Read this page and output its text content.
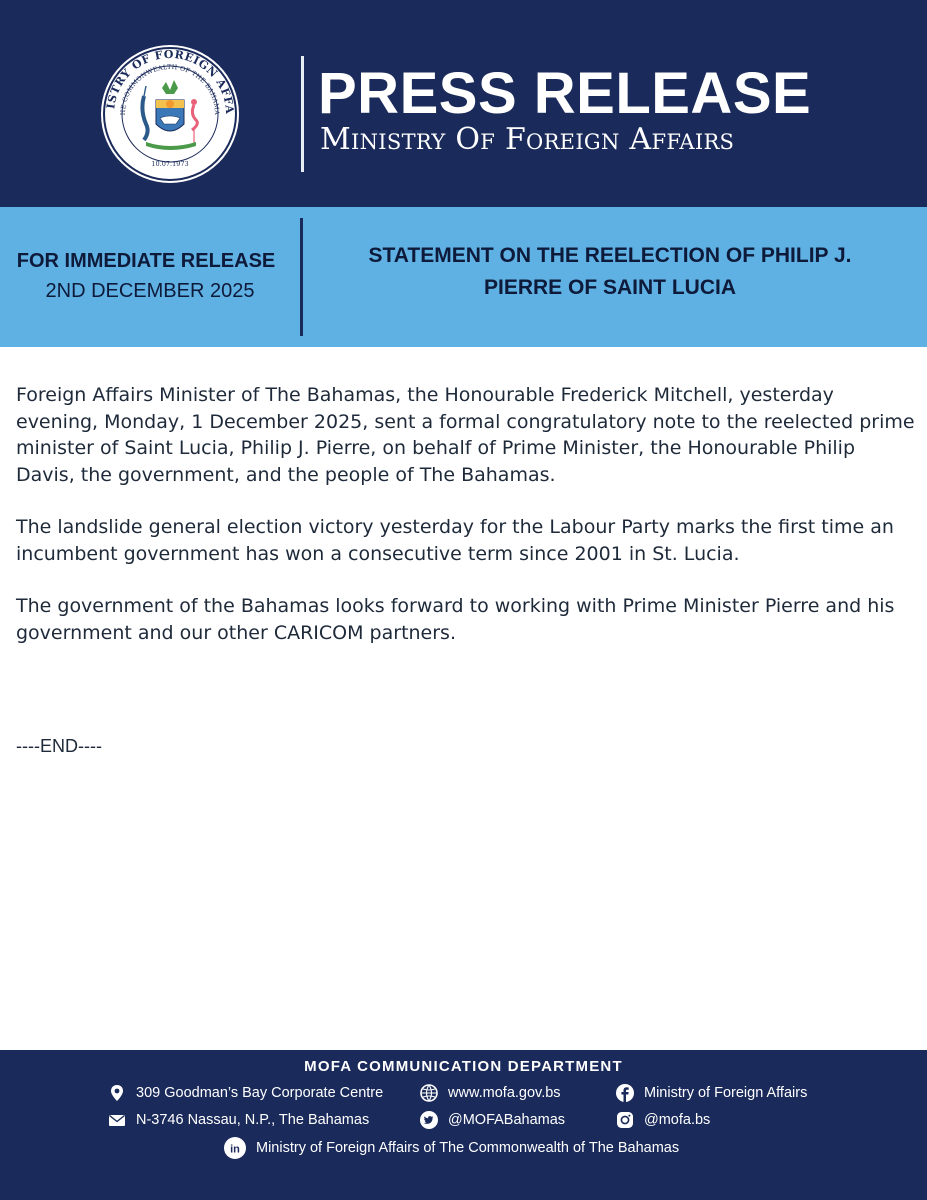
ISTRY OF FOREIGN AFFA
HE COMMONWEALTH OF THE BAHAMA
10.07.1973
PRESS RELEASE
Ministry Of Foreign Affairs
FOR IMMEDIATE RELEASE
2ND DECEMBER 2025
STATEMENT ON THE REELECTION OF PHILIP J.
PIERRE OF SAINT LUCIA

Foreign Affairs Minister of The Bahamas, the Honourable Frederick Mitchell, yesterday evening, Monday, 1 December 2025, sent a formal congratulatory note to the reelected prime minister of Saint Lucia, Philip J. Pierre, on behalf of Prime Minister, the Honourable Philip Davis, the government, and the people of The Bahamas.

The landslide general election victory yesterday for the Labour Party marks the first time an incumbent government has won a consecutive term since 2001 in St. Lucia.

The government of the Bahamas looks forward to working with Prime Minister Pierre and his government and our other CARICOM partners.

----END----
MOFA COMMUNICATION DEPARTMENT
309 Goodman’s Bay Corporate Centre
N-3746 Nassau, N.P., The Bahamas
www.mofa.gov.bs
@MOFABahamas
Ministry of Foreign Affairs
@mofa.bs
in Ministry of Foreign Affairs of The Commonwealth of The Bahamas
